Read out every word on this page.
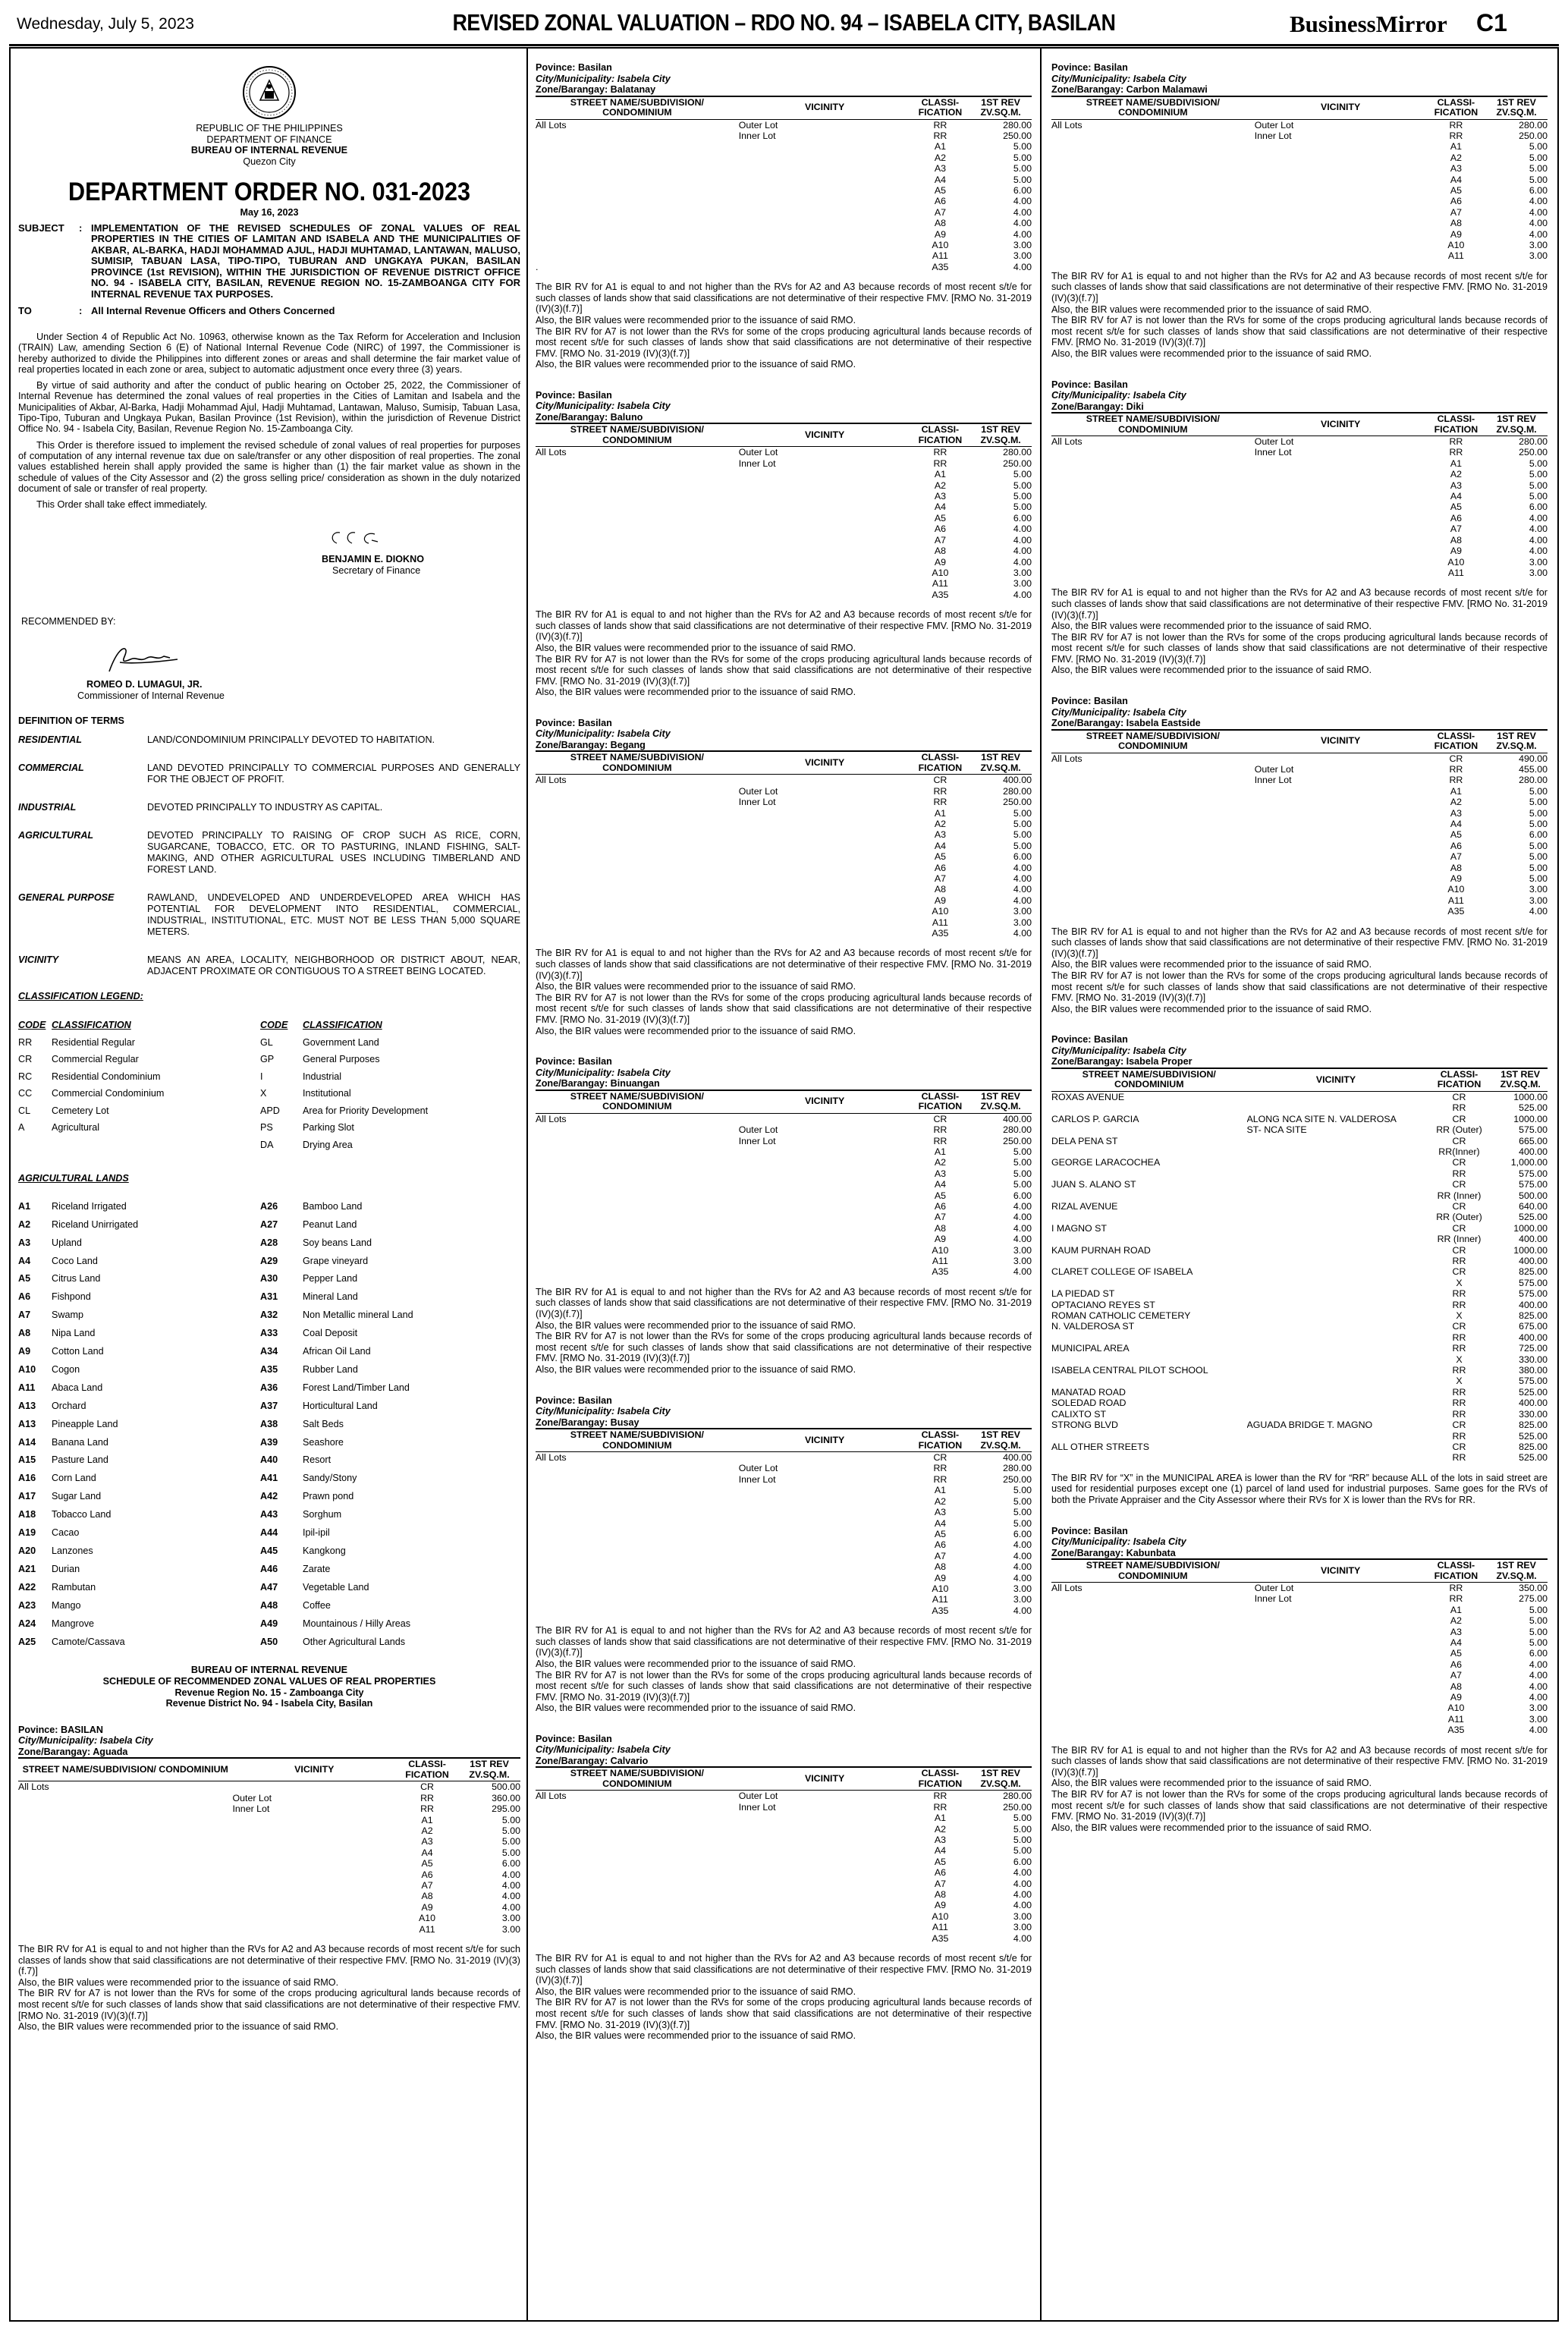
Wednesday, July 5, 2023	REVISED ZONAL VALUATION – RDO NO. 94 – ISABELA CITY, BASILAN	BusinessMirror C1
REPUBLIC OF THE PHILIPPINES
DEPARTMENT OF FINANCE
BUREAU OF INTERNAL REVENUE
Quezon City
DEPARTMENT ORDER NO. 031-2023
May 16, 2023
SUBJECT	: IMPLEMENTATION OF THE REVISED SCHEDULES OF ZONAL VALUES OF REAL PROPERTIES IN THE CITIES OF LAMITAN AND ISABELA AND THE MUNICIPALITIES OF AKBAR, AL-BARKA, HADJI MOHAMMAD AJUL, HADJI MUHTAMAD, LANTAWAN, MALUSO, SUMISIP, TABUAN LASA, TIPO-TIPO, TUBURAN AND UNGKAYA PUKAN, BASILAN PROVINCE (1st REVISION), WITHIN THE JURISDICTION OF REVENUE DISTRICT OFFICE NO. 94 - ISABELA CITY, BASILAN, REVENUE REGION NO. 15-ZAMBOANGA CITY FOR INTERNAL REVENUE TAX PURPOSES.
TO	: All Internal Revenue Officers and Others Concerned
Under Section 4 of Republic Act No. 10963, otherwise known as the Tax Reform for Acceleration and Inclusion (TRAIN) Law, amending Section 6 (E) of National Internal Revenue Code (NIRC) of 1997, the Commissioner is hereby authorized to divide the Philippines into different zones or areas and shall determine the fair market value of real properties located in each zone or area, subject to automatic adjustment once every three (3) years.
By virtue of said authority and after the conduct of public hearing on October 25, 2022, the Commissioner of Internal Revenue has determined the zonal values of real properties in the Cities of Lamitan and Isabela and the Municipalities of Akbar, Al-Barka, Hadji Mohammad Ajul, Hadji Muhtamad, Lantawan, Maluso, Sumisip, Tabuan Lasa, Tipo-Tipo, Tuburan and Ungkaya Pukan, Basilan Province (1st Revision), within the jurisdiction of Revenue District Office No. 94 - Isabela City, Basilan, Revenue Region No. 15-Zamboanga City.
This Order is therefore issued to implement the revised schedule of zonal values of real properties for purposes of computation of any internal revenue tax due on sale/transfer or any other disposition of real properties. The zonal values established herein shall apply provided the same is higher than (1) the fair market value as shown in the schedule of values of the City Assessor and (2) the gross selling price/ consideration as shown in the duly notarized document of sale or transfer of real property.
This Order shall take effect immediately.
BENJAMIN E. DIOKNO
Secretary of Finance
RECOMMENDED BY:
ROMEO D. LUMAGUI, JR.
Commissioner of Internal Revenue
DEFINITION OF TERMS
RESIDENTIAL	LAND/CONDOMINIUM PRINCIPALLY DEVOTED TO HABITATION.
COMMERCIAL	LAND DEVOTED PRINCIPALLY TO COMMERCIAL PURPOSES AND GENERALLY FOR THE OBJECT OF PROFIT.
INDUSTRIAL	DEVOTED PRINCIPALLY TO INDUSTRY AS CAPITAL.
AGRICULTURAL	DEVOTED PRINCIPALLY TO RAISING OF CROP SUCH AS RICE, CORN, SUGARCANE, TOBACCO, ETC. OR TO PASTURING, INLAND FISHING, SALT-MAKING, AND OTHER AGRICULTURAL USES INCLUDING TIMBERLAND AND FOREST LAND.
GENERAL PURPOSE	RAWLAND, UNDEVELOPED AND UNDERDEVELOPED AREA WHICH HAS POTENTIAL FOR DEVELOPMENT INTO RESIDENTIAL, COMMERCIAL, INDUSTRIAL, INSTITUTIONAL, ETC. MUST NOT BE LESS THAN 5,000 SQUARE METERS.
VICINITY	MEANS AN AREA, LOCALITY, NEIGHBORHOOD OR DISTRICT ABOUT, NEAR, ADJACENT PROXIMATE OR CONTIGUOUS TO A STREET BEING LOCATED.
CLASSIFICATION LEGEND:
CODE CLASSIFICATION	CODE	CLASSIFICATION
RR	Residential Regular	GL	Government Land
CR	Commercial Regular	GP	General Purposes
RC	Residential Condominium	I	Industrial
CC	Commercial Condominium	X	Institutional
CL	Cemetery Lot	APD	Area for Priority Development
A	Agricultural	PS	Parking Slot
DA	Drying Area
AGRICULTURAL LANDS
A1	Riceland Irrigated	A26	Bamboo Land
A2	Riceland Unirrigated	A27	Peanut Land
A3	Upland	A28	Soy beans Land
A4	Coco Land	A29	Grape vineyard
A5	Citrus Land	A30	Pepper Land
A6	Fishpond	A31	Mineral Land
A7	Swamp	A32	Non Metallic mineral Land
A8	Nipa Land	A33	Coal Deposit
A9	Cotton Land	A34	African Oil Land
A10	Cogon	A35	Rubber Land
A11	Abaca Land	A36	Forest Land/Timber Land
A13	Orchard	A37	Horticultural Land
A13	Pineapple Land	A38	Salt Beds
A14	Banana Land	A39	Seashore
A15	Pasture Land	A40	Resort
A16	Corn Land	A41	Sandy/Stony
A17	Sugar Land	A42	Prawn pond
A18	Tobacco Land	A43	Sorghum
A19	Cacao	A44	Ipil-ipil
A20	Lanzones	A45	Kangkong
A21	Durian	A46	Zarate
A22	Rambutan	A47	Vegetable Land
A23	Mango	A48	Coffee
A24	Mangrove	A49	Mountainous / Hilly Areas
A25	Camote/Cassava	A50	Other Agricultural Lands
BUREAU OF INTERNAL REVENUE
SCHEDULE OF RECOMMENDED ZONAL VALUES OF REAL PROPERTIES
Revenue Region No. 15 - Zamboanga City
Revenue District No. 94 - Isabela City, Basilan
Povince: BASILAN
City/Municipality: Isabela City
Zone/Barangay: Aguada
STREET NAME/SUBDIVISION/ CONDOMINIUM	VICINITY	CLASSI- FICATION	1ST REV ZV.SQ.M.
All Lots		CR	500.00
	Outer Lot	RR	360.00
	Inner Lot	RR	295.00
		A1	5.00
		A2	5.00
		A3	5.00
		A4	5.00
		A5	6.00
		A6	4.00
		A7	4.00
		A8	4.00
		A9	4.00
		A10	3.00
		A11	3.00
The BIR RV for A1 is equal to and not higher than the RVs for A2 and A3 because records of most recent s/t/e for such classes of lands show that said classifications are not determinative of their respective FMV. [RMO No. 31-2019 (IV)(3)(f.7)]
Also, the BIR values were recommended prior to the issuance of said RMO.
The BIR RV for A7 is not lower than the RVs for some of the crops producing agricultural lands because records of most recent s/t/e for such classes of lands show that said classifications are not determinative of their respective FMV. [RMO No. 31-2019 (IV)(3)(f.7)]
Also, the BIR values were recommended prior to the issuance of said RMO.
Povince: Basilan
City/Municipality: Isabela City
Zone/Barangay: Balatanay
STREET NAME/SUBDIVISION/ CONDOMINIUM	VICINITY	CLASSI- FICATION	1ST REV ZV.SQ.M.
All Lots	Outer Lot	RR	280.00
	Inner Lot	RR	250.00
		A1	5.00
		A2	5.00
		A3	5.00
		A4	5.00
		A5	6.00
		A6	4.00
		A7	4.00
		A8	4.00
		A9	4.00
		A10	3.00
		A11	3.00
.		A35	4.00
The BIR RV for A1 is equal to and not higher than the RVs for A2 and A3 because records of most recent s/t/e for such classes of lands show that said classifications are not determinative of their respective FMV. [RMO No. 31-2019 (IV)(3)(f.7)]
Also, the BIR values were recommended prior to the issuance of said RMO.
The BIR RV for A7 is not lower than the RVs for some of the crops producing agricultural lands because records of most recent s/t/e for such classes of lands show that said classifications are not determinative of their respective FMV. [RMO No. 31-2019 (IV)(3)(f.7)]
Also, the BIR values were recommended prior to the issuance of said RMO.
Povince: Basilan
City/Municipality: Isabela City
Zone/Barangay: Baluno
STREET NAME/SUBDIVISION/ CONDOMINIUM	VICINITY	CLASSI- FICATION	1ST REV ZV.SQ.M.
All Lots	Outer Lot	RR	280.00
	Inner Lot	RR	250.00
		A1	5.00
		A2	5.00
		A3	5.00
		A4	5.00
		A5	6.00
		A6	4.00
		A7	4.00
		A8	4.00
		A9	4.00
		A10	3.00
		A11	3.00
		A35	4.00
The BIR RV for A1 is equal to and not higher than the RVs for A2 and A3 because records of most recent s/t/e for such classes of lands show that said classifications are not determinative of their respective FMV. [RMO No. 31-2019 (IV)(3)(f.7)]
Also, the BIR values were recommended prior to the issuance of said RMO.
The BIR RV for A7 is not lower than the RVs for some of the crops producing agricultural lands because records of most recent s/t/e for such classes of lands show that said classifications are not determinative of their respective FMV. [RMO No. 31-2019 (IV)(3)(f.7)]
Also, the BIR values were recommended prior to the issuance of said RMO.
Povince: Basilan
City/Municipality: Isabela City
Zone/Barangay: Begang
STREET NAME/SUBDIVISION/ CONDOMINIUM	VICINITY	CLASSI- FICATION	1ST REV ZV.SQ.M.
All Lots		CR	400.00
	Outer Lot	RR	280.00
	Inner Lot	RR	250.00
		A1	5.00
		A2	5.00
		A3	5.00
		A4	5.00
		A5	6.00
		A6	4.00
		A7	4.00
		A8	4.00
		A9	4.00
		A10	3.00
		A11	3.00
		A35	4.00
The BIR RV for A1 is equal to and not higher than the RVs for A2 and A3 because records of most recent s/t/e for such classes of lands show that said classifications are not determinative of their respective FMV. [RMO No. 31-2019 (IV)(3)(f.7)]
Also, the BIR values were recommended prior to the issuance of said RMO.
The BIR RV for A7 is not lower than the RVs for some of the crops producing agricultural lands because records of most recent s/t/e for such classes of lands show that said classifications are not determinative of their respective FMV. [RMO No. 31-2019 (IV)(3)(f.7)]
Also, the BIR values were recommended prior to the issuance of said RMO.
Povince: Basilan
City/Municipality: Isabela City
Zone/Barangay: Binuangan
STREET NAME/SUBDIVISION/ CONDOMINIUM	VICINITY	CLASSI- FICATION	1ST REV ZV.SQ.M.
All Lots		CR	400.00
	Outer Lot	RR	280.00
	Inner Lot	RR	250.00
		A1	5.00
		A2	5.00
		A3	5.00
		A4	5.00
		A5	6.00
		A6	4.00
		A7	4.00
		A8	4.00
		A9	4.00
		A10	3.00
		A11	3.00
		A35	4.00
The BIR RV for A1 is equal to and not higher than the RVs for A2 and A3 because records of most recent s/t/e for such classes of lands show that said classifications are not determinative of their respective FMV. [RMO No. 31-2019 (IV)(3)(f.7)]
Also, the BIR values were recommended prior to the issuance of said RMO.
The BIR RV for A7 is not lower than the RVs for some of the crops producing agricultural lands because records of most recent s/t/e for such classes of lands show that said classifications are not determinative of their respective FMV. [RMO No. 31-2019 (IV)(3)(f.7)]
Also, the BIR values were recommended prior to the issuance of said RMO.
Povince: Basilan
City/Municipality: Isabela City
Zone/Barangay: Busay
STREET NAME/SUBDIVISION/ CONDOMINIUM	VICINITY	CLASSI- FICATION	1ST REV ZV.SQ.M.
All Lots		CR	400.00
	Outer Lot	RR	280.00
	Inner Lot	RR	250.00
		A1	5.00
		A2	5.00
		A3	5.00
		A4	5.00
		A5	6.00
		A6	4.00
		A7	4.00
		A8	4.00
		A9	4.00
		A10	3.00
		A11	3.00
		A35	4.00
The BIR RV for A1 is equal to and not higher than the RVs for A2 and A3 because records of most recent s/t/e for such classes of lands show that said classifications are not determinative of their respective FMV. [RMO No. 31-2019 (IV)(3)(f.7)]
Also, the BIR values were recommended prior to the issuance of said RMO.
The BIR RV for A7 is not lower than the RVs for some of the crops producing agricultural lands because records of most recent s/t/e for such classes of lands show that said classifications are not determinative of their respective FMV. [RMO No. 31-2019 (IV)(3)(f.7)]
Also, the BIR values were recommended prior to the issuance of said RMO.
Povince: Basilan
City/Municipality: Isabela City
Zone/Barangay: Calvario
STREET NAME/SUBDIVISION/ CONDOMINIUM	VICINITY	CLASSI- FICATION	1ST REV ZV.SQ.M.
All Lots	Outer Lot	RR	280.00
	Inner Lot	RR	250.00
		A1	5.00
		A2	5.00
		A3	5.00
		A4	5.00
		A5	6.00
		A6	4.00
		A7	4.00
		A8	4.00
		A9	4.00
		A10	3.00
		A11	3.00
		A35	4.00
The BIR RV for A1 is equal to and not higher than the RVs for A2 and A3 because records of most recent s/t/e for such classes of lands show that said classifications are not determinative of their respective FMV. [RMO No. 31-2019 (IV)(3)(f.7)]
Also, the BIR values were recommended prior to the issuance of said RMO.
The BIR RV for A7 is not lower than the RVs for some of the crops producing agricultural lands because records of most recent s/t/e for such classes of lands show that said classifications are not determinative of their respective FMV. [RMO No. 31-2019 (IV)(3)(f.7)]
Also, the BIR values were recommended prior to the issuance of said RMO.
Povince: Basilan
City/Municipality: Isabela City
Zone/Barangay: Carbon Malamawi
STREET NAME/SUBDIVISION/ CONDOMINIUM	VICINITY	CLASSI- FICATION	1ST REV ZV.SQ.M.
All Lots	Outer Lot	RR	280.00
	Inner Lot	RR	250.00
		A1	5.00
		A2	5.00
		A3	5.00
		A4	5.00
		A5	6.00
		A6	4.00
		A7	4.00
		A8	4.00
		A9	4.00
		A10	3.00
		A11	3.00
The BIR RV for A1 is equal to and not higher than the RVs for A2 and A3 because records of most recent s/t/e for such classes of lands show that said classifications are not determinative of their respective FMV. [RMO No. 31-2019 (IV)(3)(f.7)]
Also, the BIR values were recommended prior to the issuance of said RMO.
The BIR RV for A7 is not lower than the RVs for some of the crops producing agricultural lands because records of most recent s/t/e for such classes of lands show that said classifications are not determinative of their respective FMV. [RMO No. 31-2019 (IV)(3)(f.7)]
Also, the BIR values were recommended prior to the issuance of said RMO.
Povince: Basilan
City/Municipality: Isabela City
Zone/Barangay: Diki
STREET NAME/SUBDIVISION/ CONDOMINIUM	VICINITY	CLASSI- FICATION	1ST REV ZV.SQ.M.
All Lots	Outer Lot	RR	280.00
	Inner Lot	RR	250.00
		A1	5.00
		A2	5.00
		A3	5.00
		A4	5.00
		A5	6.00
		A6	4.00
		A7	4.00
		A8	4.00
		A9	4.00
		A10	3.00
		A11	3.00
The BIR RV for A1 is equal to and not higher than the RVs for A2 and A3 because records of most recent s/t/e for such classes of lands show that said classifications are not determinative of their respective FMV. [RMO No. 31-2019 (IV)(3)(f.7)]
Also, the BIR values were recommended prior to the issuance of said RMO.
The BIR RV for A7 is not lower than the RVs for some of the crops producing agricultural lands because records of most recent s/t/e for such classes of lands show that said classifications are not determinative of their respective FMV. [RMO No. 31-2019 (IV)(3)(f.7)]
Also, the BIR values were recommended prior to the issuance of said RMO.
Povince: Basilan
City/Municipality: Isabela City
Zone/Barangay: Isabela Eastside
STREET NAME/SUBDIVISION/ CONDOMINIUM	VICINITY	CLASSI- FICATION	1ST REV ZV.SQ.M.
All Lots		CR	490.00
	Outer Lot	RR	455.00
	Inner Lot	RR	280.00
		A1	5.00
		A2	5.00
		A3	5.00
		A4	5.00
		A5	6.00
		A6	5.00
		A7	5.00
		A8	5.00
		A9	5.00
		A10	3.00
		A11	3.00
		A35	4.00
The BIR RV for A1 is equal to and not higher than the RVs for A2 and A3 because records of most recent s/t/e for such classes of lands show that said classifications are not determinative of their respective FMV. [RMO No. 31-2019 (IV)(3)(f.7)]
Also, the BIR values were recommended prior to the issuance of said RMO.
The BIR RV for A7 is not lower than the RVs for some of the crops producing agricultural lands because records of most recent s/t/e for such classes of lands show that said classifications are not determinative of their respective FMV. [RMO No. 31-2019 (IV)(3)(f.7)]
Also, the BIR values were recommended prior to the issuance of said RMO.
Povince: Basilan
City/Municipality: Isabela City
Zone/Barangay: Isabela Proper
STREET NAME/SUBDIVISION/ CONDOMINIUM	VICINITY	CLASSI- FICATION	1ST REV ZV.SQ.M.
ROXAS AVENUE		CR	1000.00
		RR	525.00
CARLOS P. GARCIA	ALONG NCA SITE N. VALDEROSA	CR	1000.00
	ST- NCA SITE	RR (Outer)	575.00
DELA PENA ST		CR	665.00
		RR(Inner)	400.00
GEORGE LARACOCHEA		CR	1,000.00
		RR	575.00
JUAN S. ALANO ST		CR	575.00
		RR (Inner)	500.00
RIZAL AVENUE		CR	640.00
		RR (Outer)	525.00
I MAGNO ST		CR	1000.00
		RR (Inner)	400.00
KAUM PURNAH ROAD		CR	1000.00
		RR	400.00
CLARET COLLEGE OF ISABELA		CR	825.00
		X	575.00
LA PIEDAD ST		RR	575.00
OPTACIANO REYES ST		RR	400.00
ROMAN CATHOLIC CEMETERY		X	825.00
N. VALDEROSA ST		CR	675.00
		RR	400.00
MUNICIPAL AREA		RR	725.00
		X	330.00
ISABELA CENTRAL PILOT SCHOOL		RR	380.00
		X	575.00
MANATAD ROAD		RR	525.00
SOLEDAD ROAD		RR	400.00
CALIXTO ST		RR	330.00
STRONG BLVD	AGUADA BRIDGE T. MAGNO	CR	825.00
		RR	525.00
ALL OTHER STREETS		CR	825.00
		RR	525.00
The BIR RV for “X” in the MUNICIPAL AREA is lower than the RV for “RR” because ALL of the lots in said street are used for residential purposes except one (1) parcel of land used for industrial purposes. Same goes for the RVs of both the Private Appraiser and the City Assessor where their RVs for X is lower than the RVs for RR.
Povince: Basilan
City/Municipality: Isabela City
Zone/Barangay: Kabunbata
STREET NAME/SUBDIVISION/ CONDOMINIUM	VICINITY	CLASSI- FICATION	1ST REV ZV.SQ.M.
All Lots	Outer Lot	RR	350.00
	Inner Lot	RR	275.00
		A1	5.00
		A2	5.00
		A3	5.00
		A4	5.00
		A5	6.00
		A6	4.00
		A7	4.00
		A8	4.00
		A9	4.00
		A10	3.00
		A11	3.00
		A35	4.00
The BIR RV for A1 is equal to and not higher than the RVs for A2 and A3 because records of most recent s/t/e for such classes of lands show that said classifications are not determinative of their respective FMV. [RMO No. 31-2019 (IV)(3)(f.7)]
Also, the BIR values were recommended prior to the issuance of said RMO.
The BIR RV for A7 is not lower than the RVs for some of the crops producing agricultural lands because records of most recent s/t/e for such classes of lands show that said classifications are not determinative of their respective FMV. [RMO No. 31-2019 (IV)(3)(f.7)]
Also, the BIR values were recommended prior to the issuance of said RMO.
